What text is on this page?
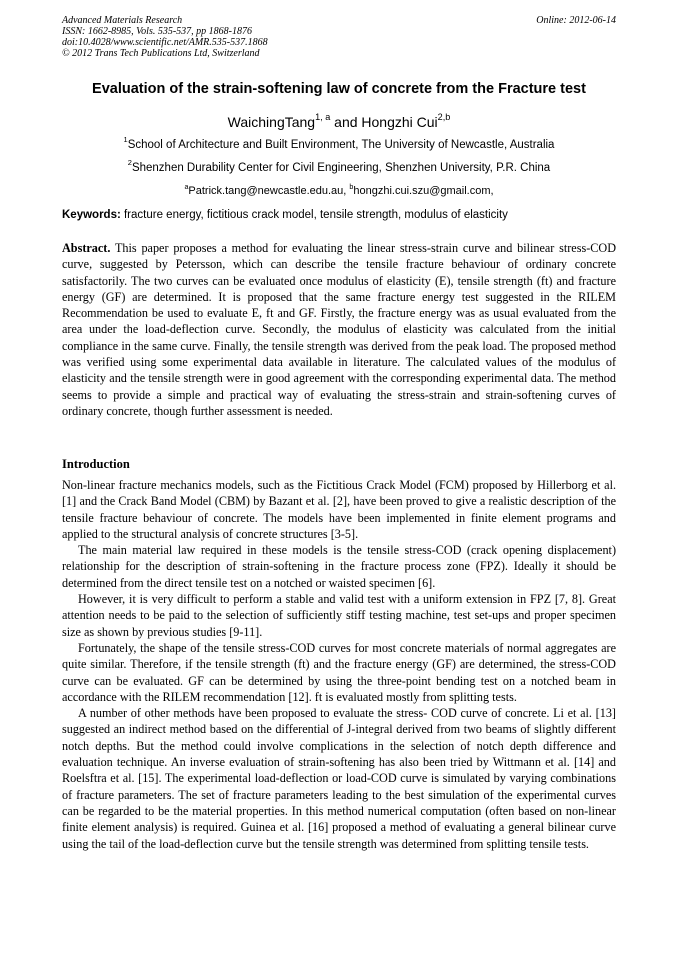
Advanced Materials Research
ISSN: 1662-8985, Vols. 535-537, pp 1868-1876
doi:10.4028/www.scientific.net/AMR.535-537.1868
© 2012 Trans Tech Publications Ltd, Switzerland
Online: 2012-06-14
Evaluation of the strain-softening law of concrete from the Fracture test
WaichingTang$^{1, a}$ and Hongzhi Cui$^{2,b}$
$^1$School of Architecture and Built Environment, The University of Newcastle, Australia
$^2$Shenzhen Durability Center for Civil Engineering, Shenzhen University, P.R. China
$^a$Patrick.tang@newcastle.edu.au, $^b$hongzhi.cui.szu@gmail.com,
Keywords: fracture energy, fictitious crack model, tensile strength, modulus of elasticity
Abstract. This paper proposes a method for evaluating the linear stress-strain curve and bilinear stress-COD curve, suggested by Petersson, which can describe the tensile fracture behaviour of ordinary concrete satisfactorily. The two curves can be evaluated once modulus of elasticity (E), tensile strength (ft) and fracture energy (GF) are determined. It is proposed that the same fracture energy test suggested in the RILEM Recommendation be used to evaluate E, ft and GF. Firstly, the fracture energy was as usual evaluated from the area under the load-deflection curve. Secondly, the modulus of elasticity was calculated from the initial compliance in the same curve. Finally, the tensile strength was derived from the peak load. The proposed method was verified using some experimental data available in literature. The calculated values of the modulus of elasticity and the tensile strength were in good agreement with the corresponding experimental data. The method seems to provide a simple and practical way of evaluating the stress-strain and strain-softening curves of ordinary concrete, though further assessment is needed.
Introduction

Non-linear fracture mechanics models, such as the Fictitious Crack Model (FCM) proposed by Hillerborg et al. [1] and the Crack Band Model (CBM) by Bazant et al. [2], have been proved to give a realistic description of the tensile fracture behaviour of concrete. The models have been implemented in finite element programs and applied to the structural analysis of concrete structures [3-5].

The main material law required in these models is the tensile stress-COD (crack opening displacement) relationship for the description of strain-softening in the fracture process zone (FPZ). Ideally it should be determined from the direct tensile test on a notched or waisted specimen [6].

However, it is very difficult to perform a stable and valid test with a uniform extension in FPZ [7, 8]. Great attention needs to be paid to the selection of sufficiently stiff testing machine, test set-ups and proper specimen size as shown by previous studies [9-11].

Fortunately, the shape of the tensile stress-COD curves for most concrete materials of normal aggregates are quite similar. Therefore, if the tensile strength (ft) and the fracture energy (GF) are determined, the stress-COD curve can be evaluated. GF can be determined by using the three-point bending test on a notched beam in accordance with the RILEM recommendation [12]. ft is evaluated mostly from splitting tests.

A number of other methods have been proposed to evaluate the stress- COD curve of concrete. Li et al. [13] suggested an indirect method based on the differential of J-integral derived from two beams of slightly different notch depths. But the method could involve complications in the selection of notch depth difference and evaluation technique. An inverse evaluation of strain-softening has also been tried by Wittmann et al. [14] and Roelsftra et al. [15]. The experimental load-deflection or load-COD curve is simulated by varying combinations of fracture parameters. The set of fracture parameters leading to the best simulation of the experimental curves can be regarded to be the material properties. In this method numerical computation (often based on non-linear finite element analysis) is required. Guinea et al. [16] proposed a method of evaluating a general bilinear curve using the tail of the load-deflection curve but the tensile strength was determined from splitting tensile tests.
